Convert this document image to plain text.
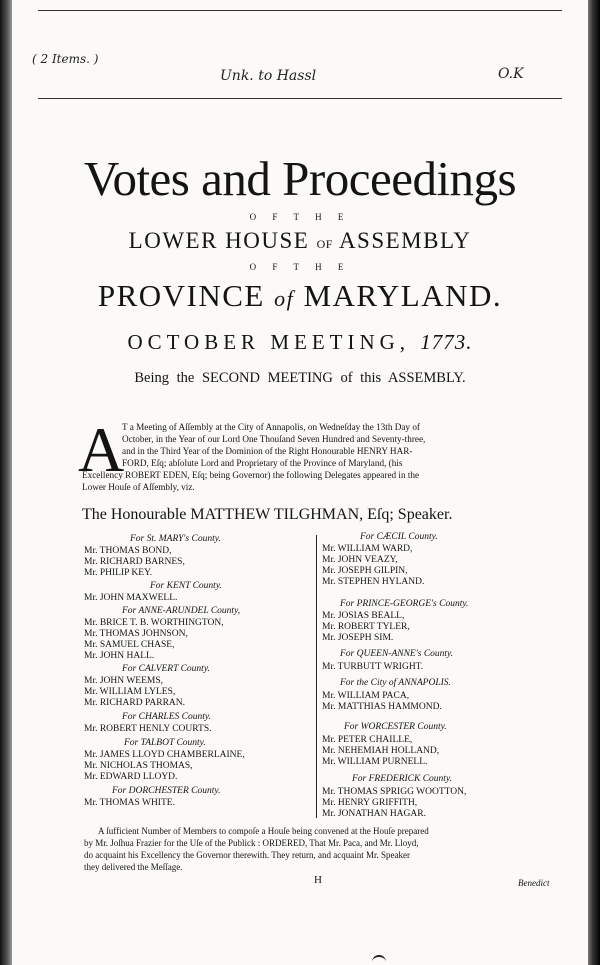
( 2 Items. )
Unk. to Hassl	O.K
Votes and Proceedings
O F T H E
LOWER HOUSE OF ASSEMBLY
O F T H E
PROVINCE of MARYLAND.
OCTOBER MEETING, 1773.
Being the SECOND MEETING of this ASSEMBLY.
A
T a Meeting of Aſſembly at the City of Annapolis, on Wedneſday the 13th Day of
October, in the Year of our Lord One Thouſand Seven Hundred and Seventy-three,
and in the Third Year of the Dominion of the Right Honourable HENRY HAR-
FORD, Eſq; abſolute Lord and Proprietary of the Province of Maryland, (his
Excellency ROBERT EDEN, Eſq; being Governor) the following Delegates appeared in the
Lower Houſe of Aſſembly, viz.
The Honourable MATTHEW TILGHMAN, Eſq; Speaker.
For St. MARY's County.
Mr. THOMAS BOND,
Mr. RICHARD BARNES,
Mr. PHILIP KEY.
For KENT County.
Mr. JOHN MAXWELL.
For ANNE-ARUNDEL County,
Mr. BRICE T. B. WORTHINGTON,
Mr. THOMAS JOHNSON,
Mr. SAMUEL CHASE,
Mr. JOHN HALL.
For CALVERT County.
Mr. JOHN WEEMS,
Mr. WILLIAM LYLES,
Mr. RICHARD PARRAN.
For CHARLES County.
Mr. ROBERT HENLY COURTS.
For TALBOT County.
Mr. JAMES LLOYD CHAMBERLAINE,
Mr. NICHOLAS THOMAS,
Mr. EDWARD LLOYD.
For DORCHESTER County.
Mr. THOMAS WHITE.
For CÆCIL County.
Mr. WILLIAM WARD,
Mr. JOHN VEAZY,
Mr. JOSEPH GILPIN,
Mr. STEPHEN HYLAND.
For PRINCE-GEORGE's County.
Mr. JOSIAS BEALL,
Mr. ROBERT TYLER,
Mr. JOSEPH SIM.
For QUEEN-ANNE's County.
Mr. TURBUTT WRIGHT.
For the City of ANNAPOLIS.
Mr. WILLIAM PACA,
Mr. MATTHIAS HAMMOND.
For WORCESTER County.
Mr. PETER CHAILLE,
Mr. NEHEMIAH HOLLAND,
Mr. WILLIAM PURNELL.
For FREDERICK County.
Mr. THOMAS SPRIGG WOOTTON,
Mr. HENRY GRIFFITH,
Mr. JONATHAN HAGAR.
A ſufficient Number of Members to compoſe a Houſe being convened at the Houſe prepared
by Mr. Joſhua Frazier for the Uſe of the Publick : ORDERED, That Mr. Paca, and Mr. Lloyd,
do acquaint his Excellency the Governor therewith. They return, and acquaint Mr. Speaker
they delivered the Meſſage.
H	Benedict
